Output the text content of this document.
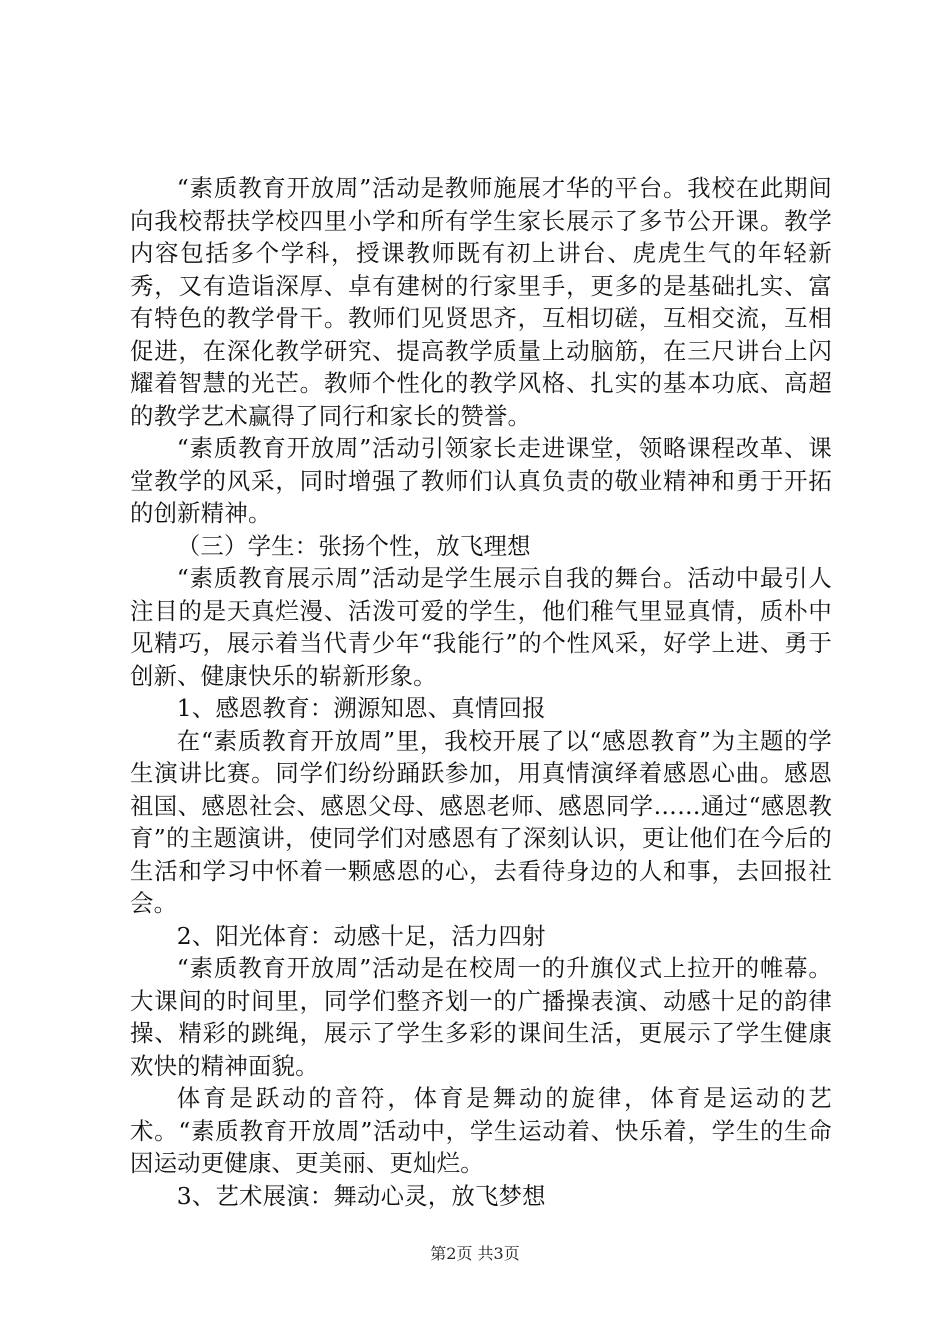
“素质教育开放周”活动是教师施展才华的平台。我校在此期间向我校帮扶学校四里小学和所有学生家长展示了多节公开课。教学内容包括多个学科，授课教师既有初上讲台、虎虎生气的年轻新秀，又有造诣深厚、卓有建树的行家里手，更多的是基础扎实、富有特色的教学骨干。教师们见贤思齐，互相切磋，互相交流，互相促进，在深化教学研究、提高教学质量上动脑筋，在三尺讲台上闪耀着智慧的光芒。教师个性化的教学风格、扎实的基本功底、高超的教学艺术赢得了同行和家长的赞誉。

“素质教育开放周”活动引领家长走进课堂，领略课程改革、课堂教学的风采，同时增强了教师们认真负责的敬业精神和勇于开拓的创新精神。

（三）学生：张扬个性，放飞理想

“素质教育展示周”活动是学生展示自我的舞台。活动中最引人注目的是天真烂漫、活泼可爱的学生，他们稚气里显真情，质朴中见精巧，展示着当代青少年“我能行”的个性风采，好学上进、勇于创新、健康快乐的崭新形象。

1、感恩教育：溯源知恩、真情回报

在“素质教育开放周”里，我校开展了以“感恩教育”为主题的学生演讲比赛。同学们纷纷踊跃参加，用真情演绎着感恩心曲。感恩祖国、感恩社会、感恩父母、感恩老师、感恩同学……通过“感恩教育”的主题演讲，使同学们对感恩有了深刻认识，更让他们在今后的生活和学习中怀着一颗感恩的心，去看待身边的人和事，去回报社会。

2、阳光体育：动感十足，活力四射

“素质教育开放周”活动是在校周一的升旗仪式上拉开的帷幕。大课间的时间里，同学们整齐划一的广播操表演、动感十足的韵律操、精彩的跳绳，展示了学生多彩的课间生活，更展示了学生健康欢快的精神面貌。

体育是跃动的音符，体育是舞动的旋律，体育是运动的艺术。“素质教育开放周”活动中，学生运动着、快乐着，学生的生命因运动更健康、更美丽、更灿烂。

3、艺术展演：舞动心灵，放飞梦想

第2页 共3页
